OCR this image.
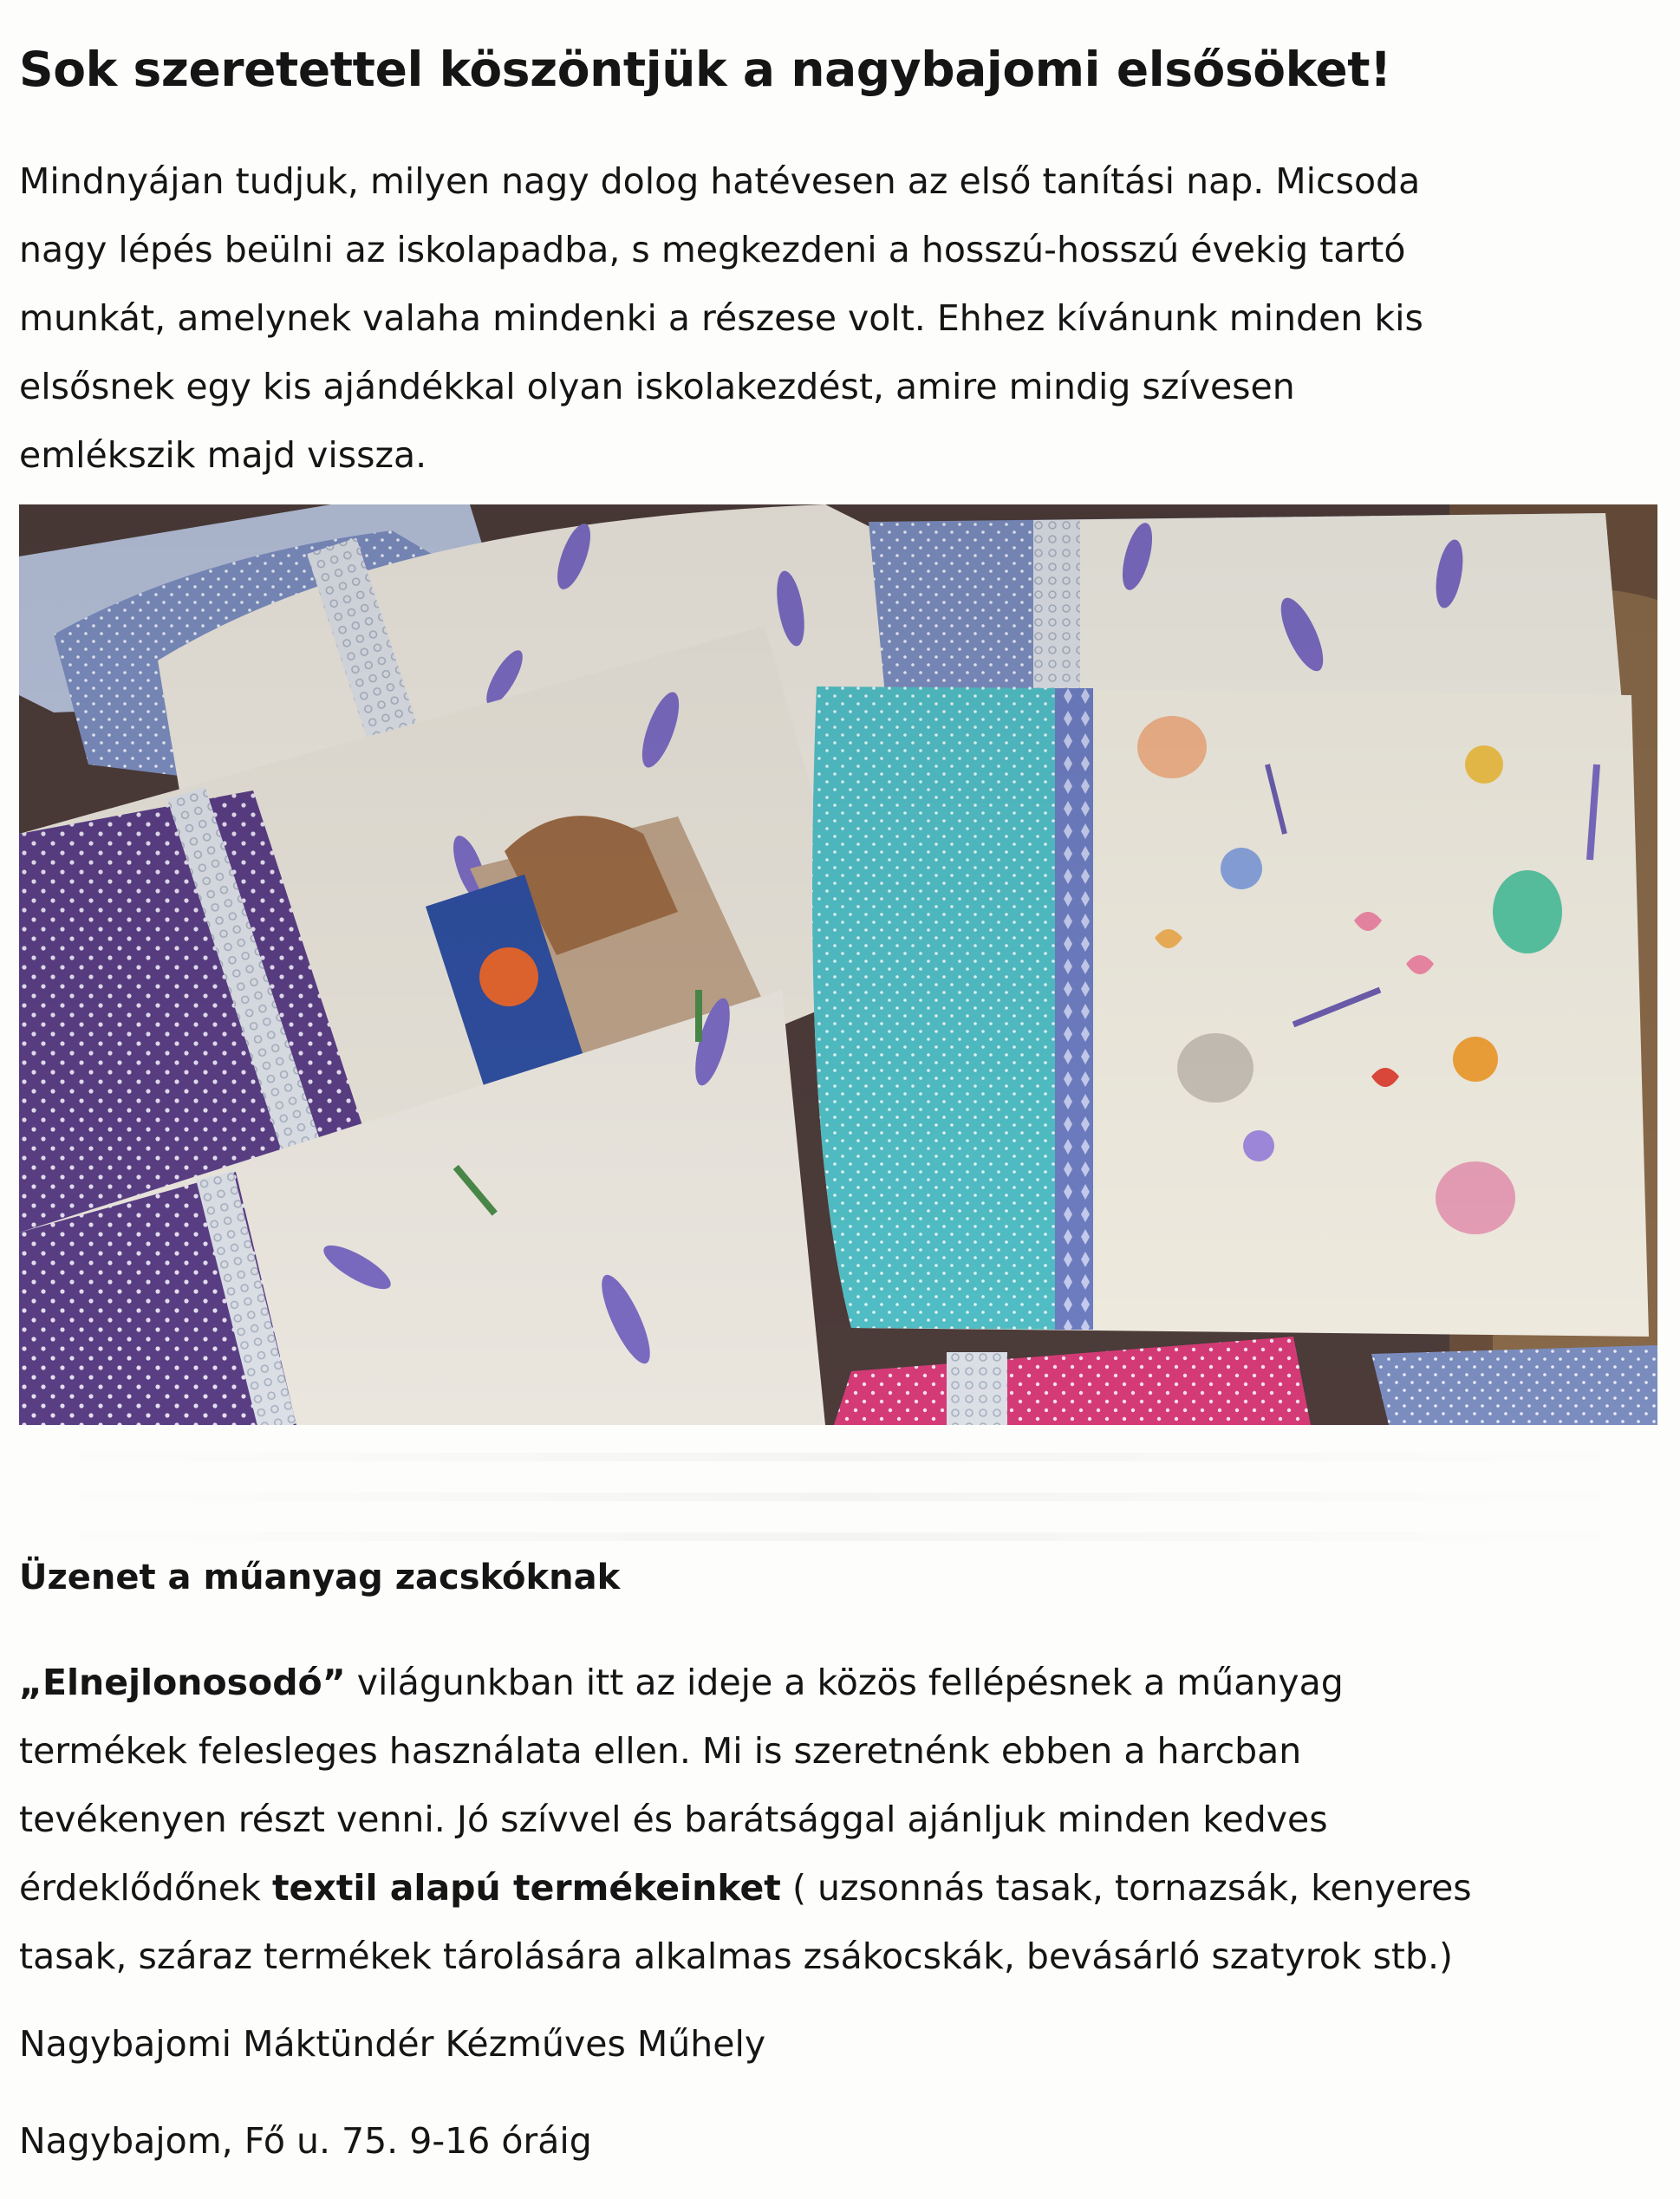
Sok szeretettel köszöntjük a nagybajomi elsősöket!

Mindnyájan tudjuk, milyen nagy dolog hatévesen az első tanítási nap. Micsoda
nagy lépés beülni az iskolapadba, s megkezdeni a hosszú-hosszú évekig tartó
munkát, amelynek valaha mindenki a részese volt. Ehhez kívánunk minden kis
elsősnek egy kis ajándékkal olyan iskolakezdést, amire mindig szívesen
emlékszik majd vissza.

Üzenet a műanyag zacskóknak

„Elnejlonosodó” világunkban itt az ideje a közös fellépésnek a műanyag
termékek felesleges használata ellen. Mi is szeretnénk ebben a harcban
tevékenyen részt venni. Jó szívvel és barátsággal ajánljuk minden kedves
érdeklődőnek textil alapú termékeinket ( uzsonnás tasak, tornazsák, kenyeres
tasak, száraz termékek tárolására alkalmas zsákocskák, bevásárló szatyrok stb.)

Nagybajomi Máktündér Kézműves Műhely

Nagybajom, Fő u. 75. 9-16 óráig
